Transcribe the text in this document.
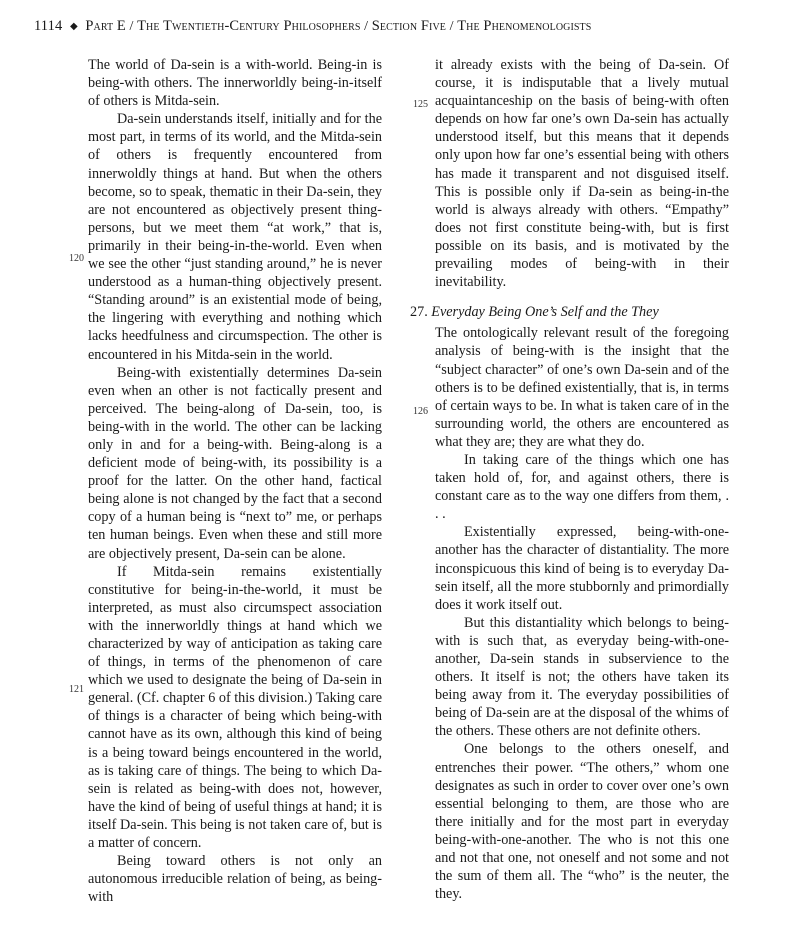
1114 ◆ Part E / The Twentieth-Century Philosophers / Section Five / The Phenomenologists
120
121
125
126

The world of Da-sein is a with-world. Being-in is being-with others. The innerworldly being-in-itself of others is Mitda-sein.

Da-sein understands itself, initially and for the most part, in terms of its world, and the Mitda-sein of others is frequently encountered from innerwoldly things at hand. But when the others become, so to speak, thematic in their Da-sein, they are not encountered as objectively present thing-persons, but we meet them “at work,” that is, primarily in their being-in-the-world. Even when we see the other “just standing around,” he is never understood as a human-thing objectively present. “Standing around” is an existential mode of being, the lingering with everything and nothing which lacks heedfulness and circumspection. The other is encountered in his Mitda-sein in the world.

Being-with existentially determines Da-sein even when an other is not factically present and perceived. The being-along of Da-sein, too, is being-with in the world. The other can be lacking only in and for a being-with. Being-along is a deficient mode of being-with, its possibility is a proof for the latter. On the other hand, factical being alone is not changed by the fact that a second copy of a human being is “next to” me, or perhaps ten human beings. Even when these and still more are objectively present, Da-sein can be alone.

If Mitda-sein remains existentially constitutive for being-in-the-world, it must be interpreted, as must also circumspect association with the innerworldly things at hand which we characterized by way of anticipation as taking care of things, in terms of the phenomenon of care which we used to designate the being of Da-sein in general. (Cf. chapter 6 of this division.) Taking care of things is a character of being which being-with cannot have as its own, although this kind of being is a being toward beings encountered in the world, as is taking care of things. The being to which Da-sein is related as being-with does not, however, have the kind of being of useful things at hand; it is itself Da-sein. This being is not taken care of, but is a matter of concern.

Being toward others is not only an autonomous irreducible relation of being, as being-with

it already exists with the being of Da-sein. Of course, it is indisputable that a lively mutual acquaintanceship on the basis of being-with often depends on how far one’s own Da-sein has actually understood itself, but this means that it depends only upon how far one’s essential being with others has made it transparent and not disguised itself. This is possible only if Da-sein as being-in-the world is always already with others. “Empathy” does not first constitute being-with, but is first possible on its basis, and is motivated by the prevailing modes of being-with in their inevitability.

27. Everyday Being One’s Self and the They

The ontologically relevant result of the foregoing analysis of being-with is the insight that the “subject character” of one’s own Da-sein and of the others is to be defined existentially, that is, in terms of certain ways to be. In what is taken care of in the surrounding world, the others are encountered as what they are; they are what they do.

In taking care of the things which one has taken hold of, for, and against others, there is constant care as to the way one differs from them, . . .

Existentially expressed, being-with-one-another has the character of distantiality. The more inconspicuous this kind of being is to everyday Da-sein itself, all the more stubbornly and primordially does it work itself out.

But this distantiality which belongs to being-with is such that, as everyday being-with-one-another, Da-sein stands in subservience to the others. It itself is not; the others have taken its being away from it. The everyday possibilities of being of Da-sein are at the disposal of the whims of the others. These others are not definite others.

One belongs to the others oneself, and entrenches their power. “The others,” whom one designates as such in order to cover over one’s own essential belonging to them, are those who are there initially and for the most part in everyday being-with-one-another. The who is not this one and not that one, not oneself and not some and not the sum of them all. The “who” is the neuter, the they.
